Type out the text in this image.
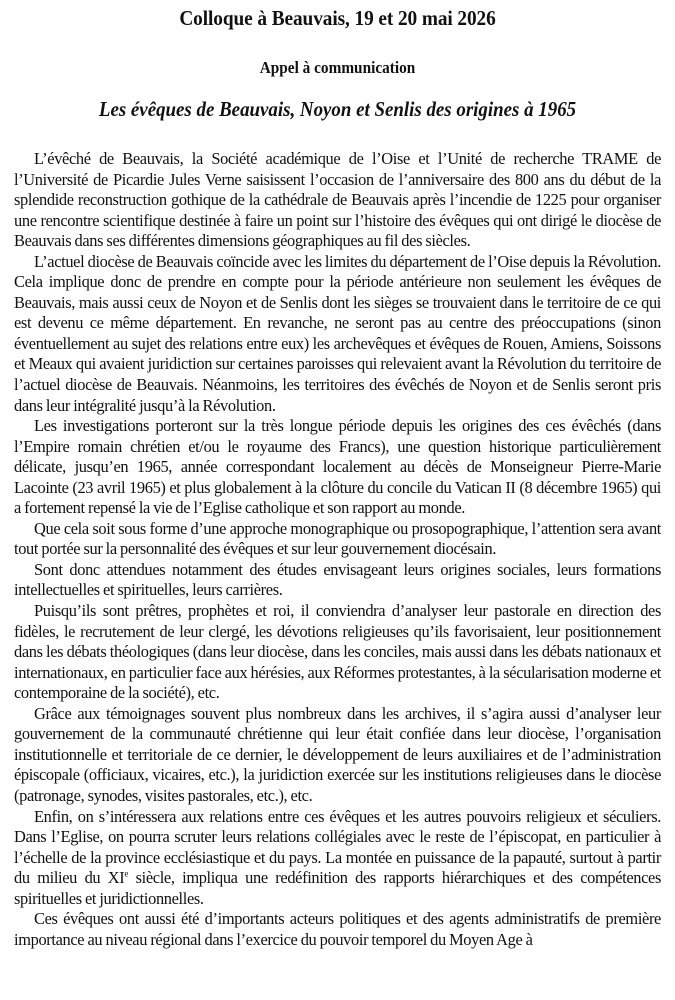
Colloque à Beauvais, 19 et 20 mai 2026
Appel à communication
Les évêques de Beauvais, Noyon et Senlis des origines à 1965

L’évêché de Beauvais, la Société académique de l’Oise et l’Unité de recherche TRAME de l’Université de Picardie Jules Verne saisissent l’occasion de l’anniversaire des 800 ans du début de la splendide reconstruction gothique de la cathédrale de Beauvais après l’incendie de 1225 pour organiser une rencontre scientifique destinée à faire un point sur l’histoire des évêques qui ont dirigé le diocèse de Beauvais dans ses différentes dimensions géographiques au fil des siècles.

L’actuel diocèse de Beauvais coïncide avec les limites du département de l’Oise depuis la Révolution. Cela implique donc de prendre en compte pour la période antérieure non seulement les évêques de Beauvais, mais aussi ceux de Noyon et de Senlis dont les sièges se trouvaient dans le territoire de ce qui est devenu ce même département. En revanche, ne seront pas au centre des préoccupations (sinon éventuellement au sujet des relations entre eux) les archevêques et évêques de Rouen, Amiens, Soissons et Meaux qui avaient juridiction sur certaines paroisses qui relevaient avant la Révolution du territoire de l’actuel diocèse de Beauvais. Néanmoins, les territoires des évêchés de Noyon et de Senlis seront pris dans leur intégralité jusqu’à la Révolution.

Les investigations porteront sur la très longue période depuis les origines des ces évêchés (dans l’Empire romain chrétien et/ou le royaume des Francs), une question historique particulièrement délicate, jusqu’en 1965, année correspondant localement au décès de Monseigneur Pierre-Marie Lacointe (23 avril 1965) et plus globalement à la clôture du concile du Vatican II (8 décembre 1965) qui a fortement repensé la vie de l’Eglise catholique et son rapport au monde.

Que cela soit sous forme d’une approche monographique ou prosopographique, l’attention sera avant tout portée sur la personnalité des évêques et sur leur gouvernement diocésain.

Sont donc attendues notamment des études envisageant leurs origines sociales, leurs formations intellectuelles et spirituelles, leurs carrières.

Puisqu’ils sont prêtres, prophètes et roi, il conviendra d’analyser leur pastorale en direction des fidèles, le recrutement de leur clergé, les dévotions religieuses qu’ils favorisaient, leur positionnement dans les débats théologiques (dans leur diocèse, dans les conciles, mais aussi dans les débats nationaux et internationaux, en particulier face aux hérésies, aux Réformes protestantes, à la sécularisation moderne et contemporaine de la société), etc.

Grâce aux témoignages souvent plus nombreux dans les archives, il s’agira aussi d’analyser leur gouvernement de la communauté chrétienne qui leur était confiée dans leur diocèse, l’organisation institutionnelle et territoriale de ce dernier, le développement de leurs auxiliaires et de l’administration épiscopale (officiaux, vicaires, etc.), la juridiction exercée sur les institutions religieuses dans le diocèse (patronage, synodes, visites pastorales, etc.), etc.

Enfin, on s’intéressera aux relations entre ces évêques et les autres pouvoirs religieux et séculiers. Dans l’Eglise, on pourra scruter leurs relations collégiales avec le reste de l’épiscopat, en particulier à l’échelle de la province ecclésiastique et du pays. La montée en puissance de la papauté, surtout à partir du milieu du XIe siècle, impliqua une redéfinition des rapports hiérarchiques et des compétences spirituelles et juridictionnelles.

Ces évêques ont aussi été d’importants acteurs politiques et des agents administratifs de première importance au niveau régional dans l’exercice du pouvoir temporel du Moyen Age à
